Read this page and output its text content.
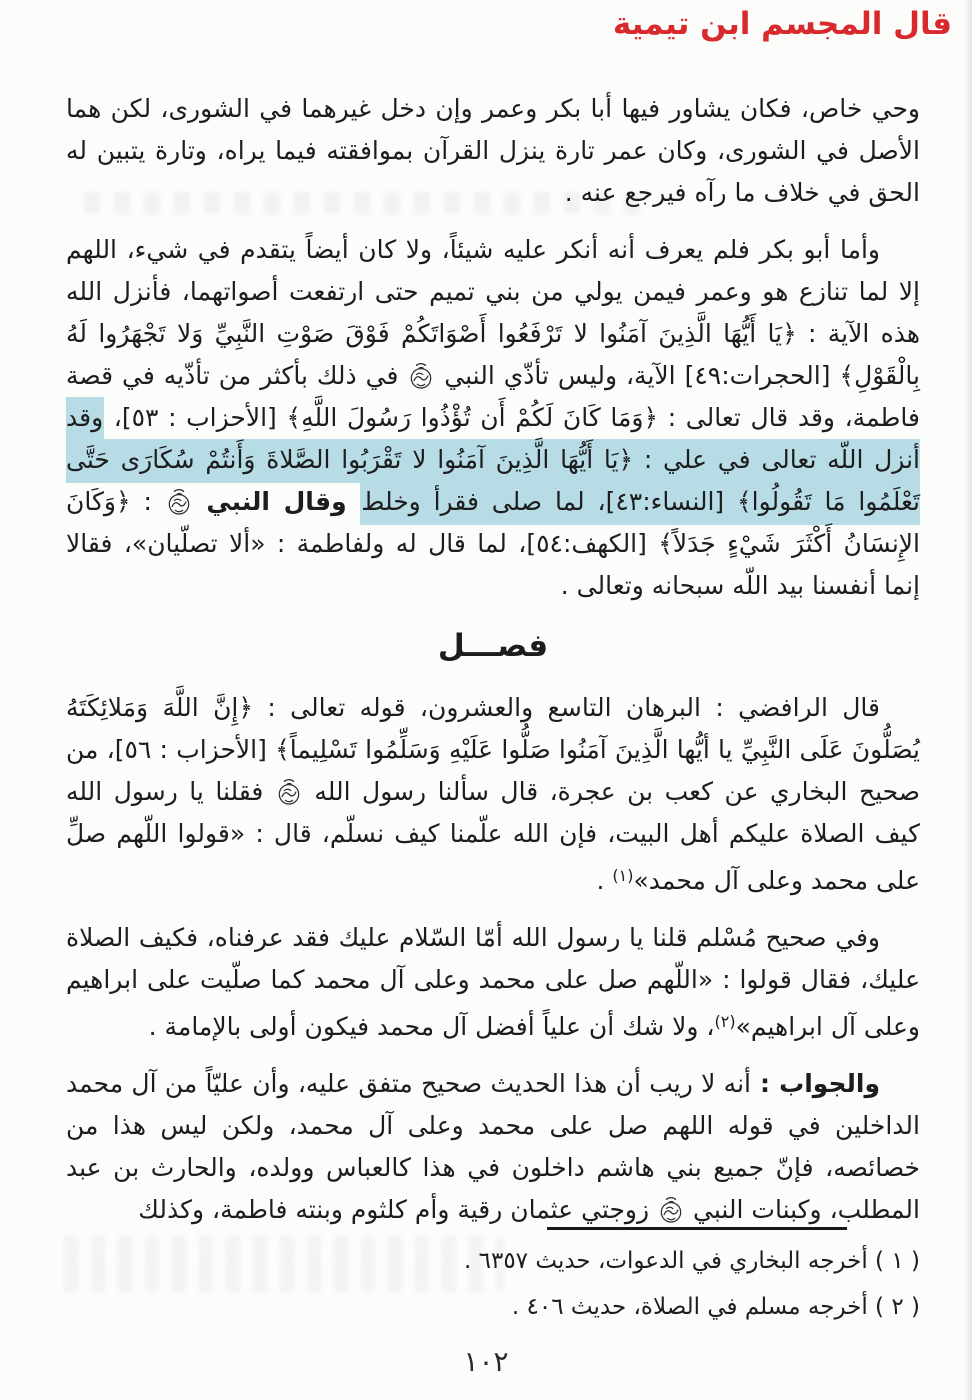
قال المجسم ابن تيمية

وحي خاص، فكان يشاور فيها أبا بكر وعمر وإن دخل غيرهما في الشورى، لكن هما الأصل في الشورى، وكان عمر تارة ينزل القرآن بموافقته فيما يراه، وتارة يتبين له الحق في خلاف ما رآه فيرجع عنه .

وأما أبو بكر فلم يعرف أنه أنكر عليه شيئاً، ولا كان أيضاً يتقدم في شيء، اللهم إلا لما تنازع هو وعمر فيمن يولي من بني تميم حتى ارتفعت أصواتهما، فأنزل الله هذه الآية : ﴿يَا أَيُّهَا الَّذِينَ آمَنُوا لا تَرْفَعُوا أَصْوَاتَكُمْ فَوْقَ صَوْتِ النَّبِيِّ وَلا تَجْهَرُوا لَهُ بِالْقَوْلِ﴾ [الحجرات:٤٩] الآية، وليس تأذّي النبي  في ذلك بأكثر من تأذّيه في قصة فاطمة، وقد قال تعالى : ﴿وَمَا كَانَ لَكُمْ أَن تُؤْذُوا رَسُولَ اللَّهِ﴾ [الأحزاب : ٥٣]، وقد أنزل اللّه تعالى في علي : ﴿يَا أَيُّهَا الَّذِينَ آمَنُوا لا تَقْرَبُوا الصَّلاةَ وَأَنتُمْ سُكَارَى حَتَّى تَعْلَمُوا مَا تَقُولُوا﴾ [النساء:٤٣]، لما صلى فقرأ وخلط وقال النبي  : ﴿وَكَانَ الإِنسَانُ أَكْثَرَ شَيْءٍ جَدَلاً﴾ [الكهف:٥٤]، لما قال له ولفاطمة : «ألا تصلّيان»، فقالا إنما أنفسنا بيد اللّه سبحانه وتعالى .

فصـــل

قال الرافضي : البرهان التاسع والعشرون، قوله تعالى : ﴿إِنَّ اللَّهَ وَمَلائِكَتَهُ يُصَلُّونَ عَلَى النَّبِيِّ يا أيُّها الَّذِينَ آمَنُوا صَلُّوا عَلَيْهِ وَسَلِّمُوا تَسْلِيماً﴾ [الأحزاب : ٥٦]، من صحيح البخاري عن كعب بن عجرة، قال سألنا رسول الله  فقلنا يا رسول الله كيف الصلاة عليكم أهل البيت، فإن الله علّمنا كيف نسلّم، قال : «قولوا اللّهم صلِّ على محمد وعلى آل محمد»$^{(١)}$ .

وفي صحيح مُسْلم قلنا يا رسول الله أمّا السّلام عليك فقد عرفناه، فكيف الصلاة عليك، فقال قولوا : «اللّهم صل على محمد وعلى آل محمد كما صلّيت على ابراهيم وعلى آل ابراهيم»$^{(٢)}$، ولا شك أن علياً أفضل آل محمد فيكون أولى بالإمامة .

والجواب : أنه لا ريب أن هذا الحديث صحيح متفق عليه، وأن عليّاً من آل محمد الداخلين في قوله اللهم صل على محمد وعلى آل محمد، ولكن ليس هذا من خصائصه، فإنّ جميع بني هاشم داخلون في هذا كالعباس وولده، والحارث بن عبد المطلب، وكبنات النبي  زوجتي عثمان رقية وأم كلثوم وبنته فاطمة، وكذلك

( ١ ) أخرجه البخاري في الدعوات، حديث ٦٣٥٧ .
( ٢ ) أخرجه مسلم في الصلاة، حديث ٤٠٦ .
١٠٢
